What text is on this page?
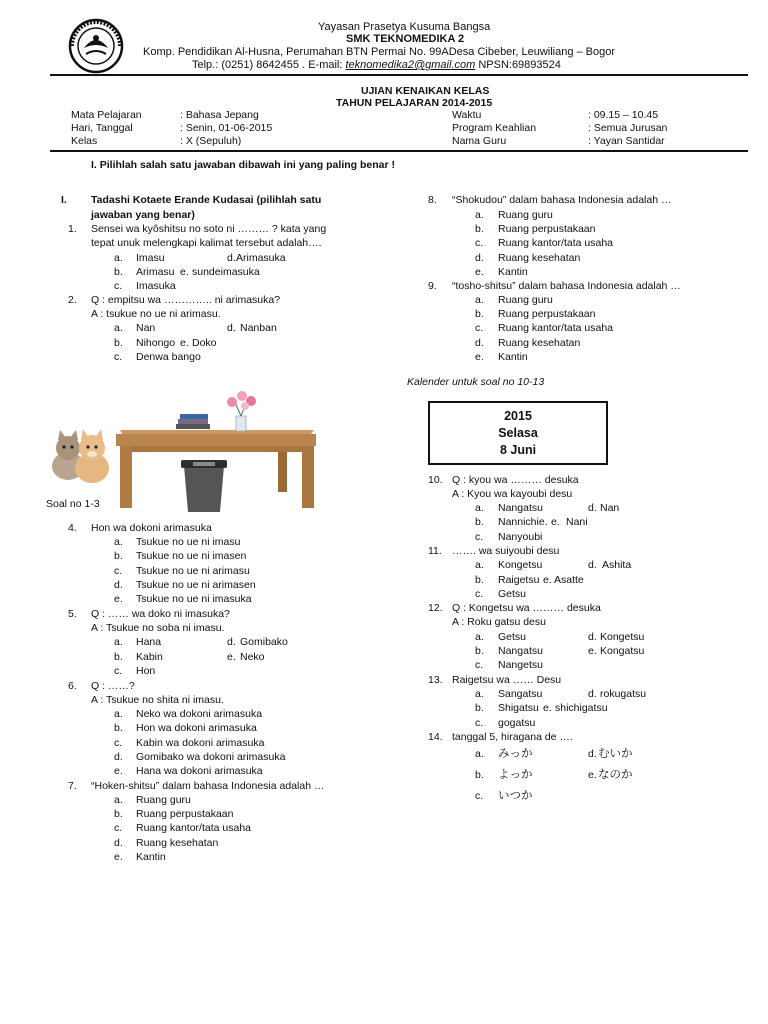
Yayasan Prasetya Kusuma Bangsa
SMK TEKNOMEDIKA 2
Komp. Pendidikan Al-Husna, Perumahan BTN Permai No. 99ADesa Cibeber, Leuwiliang – Bogor
Telp.: (0251) 8642455 . E-mail: teknomedika2@gmail.com NPSN:69893524
UJIAN KENAIKAN KELAS
TAHUN PELAJARAN 2014-2015
Mata Pelajaran	: Bahasa Jepang
Hari, Tanggal	: Senin, 01-06-2015
Kelas	: X (Sepuluh)
Waktu	: 09.15 – 10.45
Program Keahlian	: Semua Jurusan
Nama Guru	: Yayan Santidar
I. Pilihlah salah satu jawaban dibawah ini yang paling benar !
I. Tadashi Kotaete Erande Kudasai (pilihlah satu
jawaban yang benar)
1. Sensei wa kyôshitsu no soto ni ……… ? kata yang
tepat unuk melengkapi kalimat tersebut adalah….
a. Imasu	d. Arimasuka
b. Arimasu e. sundeimasuka
c. Imasuka
2. Q : empitsu wa ………….. ni arimasuka?
A : tsukue no ue ni arimasu.
a. Nan	d. Nanban
b. Nihongo e. Doko
c. Denwa bango
Soal no 1-3
4. Hon wa dokoni arimasuka
a. Tsukue no ue ni imasu
b. Tsukue no ue ni imasen
c. Tsukue no ue ni arimasu
d. Tsukue no ue ni arimasen
e. Tsukue no ue ni imasuka
5. Q : …… wa doko ni imasuka?
A : Tsukue no soba ni imasu.
a. Hana	d. Gomibako
b. Kabin	e. Neko
c. Hon
6. Q : ……?
A : Tsukue no shita ni imasu.
a. Neko wa dokoni arimasuka
b. Hon wa dokoni arimasuka
c. Kabin wa dokoni arimasuka
d. Gomibako wa dokoni arimasuka
e. Hana wa dokoni arimasuka
7. “Hoken-shitsu” dalam bahasa Indonesia adalah …
a. Ruang guru
b. Ruang perpustakaan
c. Ruang kantor/tata usaha
d. Ruang kesehatan
e. Kantin
8. “Shokudou” dalam bahasa Indonesia adalah …
a. Ruang guru
b. Ruang perpustakaan
c. Ruang kantor/tata usaha
d. Ruang kesehatan
e. Kantin
9. “tosho-shitsu” dalam bahasa Indonesia adalah …
a. Ruang guru
b. Ruang perpustakaan
c. Ruang kantor/tata usaha
d. Ruang kesehatan
e. Kantin
Kalender untuk soal no 10-13
2015
Selasa
8 Juni
10. Q : kyou wa ……… desuka
A : Kyou wa kayoubi desu
a. Nangatsu	d. Nan
b. Nannichie. e. Nani
c. Nanyoubi
11. ……. wa suiyoubi desu
a. Kongetsu	d. Ashita
b. Raigetsu e. Asatte
c. Getsu
12. Q : Kongetsu wa ……… desuka
A : Roku gatsu desu
a. Getsu	d. Kongetsu
b. Nangatsu	e. Kongatsu
c. Nangetsu
13. Raigetsu wa …… Desu
a. Sangatsu	d. rokugatsu
b. Shigatsu e. shichigatsu
c. gogatsu
14. tanggal 5, hiragana de ….
a. みっか	d. むいか
b. よっか	e. なのか
c. いつか
